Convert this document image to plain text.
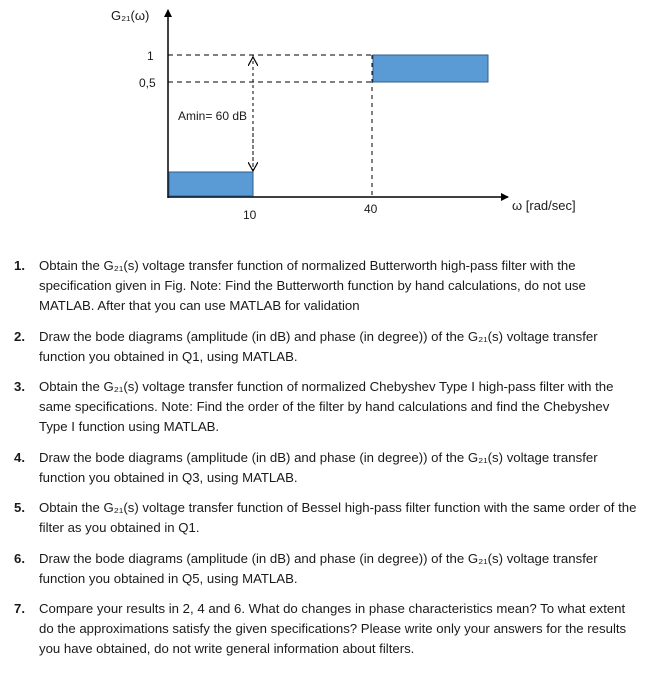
G₂₁(ω)
1
0,5
10	40	ω [rad/sec]
Amin= 60 dB
1.	Obtain the G₂₁(s) voltage transfer function of normalized Butterworth high-pass filter with the specification given in Fig. Note: Find the Butterworth function by hand calculations, do not use MATLAB. After that you can use MATLAB for validation
2.	Draw the bode diagrams (amplitude (in dB) and phase (in degree)) of the G₂₁(s) voltage transfer function you obtained in Q1, using MATLAB.
3.	Obtain the G₂₁(s) voltage transfer function of normalized Chebyshev Type I high-pass filter with the same specifications. Note: Find the order of the filter by hand calculations and find the Chebyshev Type I function using MATLAB.
4.	Draw the bode diagrams (amplitude (in dB) and phase (in degree)) of the G₂₁(s) voltage transfer function you obtained in Q3, using MATLAB.
5.	Obtain the G₂₁(s) voltage transfer function of Bessel high-pass filter function with the same order of the filter as you obtained in Q1.
6.	Draw the bode diagrams (amplitude (in dB) and phase (in degree)) of the G₂₁(s) voltage transfer function you obtained in Q5, using MATLAB.
7.	Compare your results in 2, 4 and 6. What do changes in phase characteristics mean? To what extent do the approximations satisfy the given specifications? Please write only your answers for the results you have obtained, do not write general information about filters.
